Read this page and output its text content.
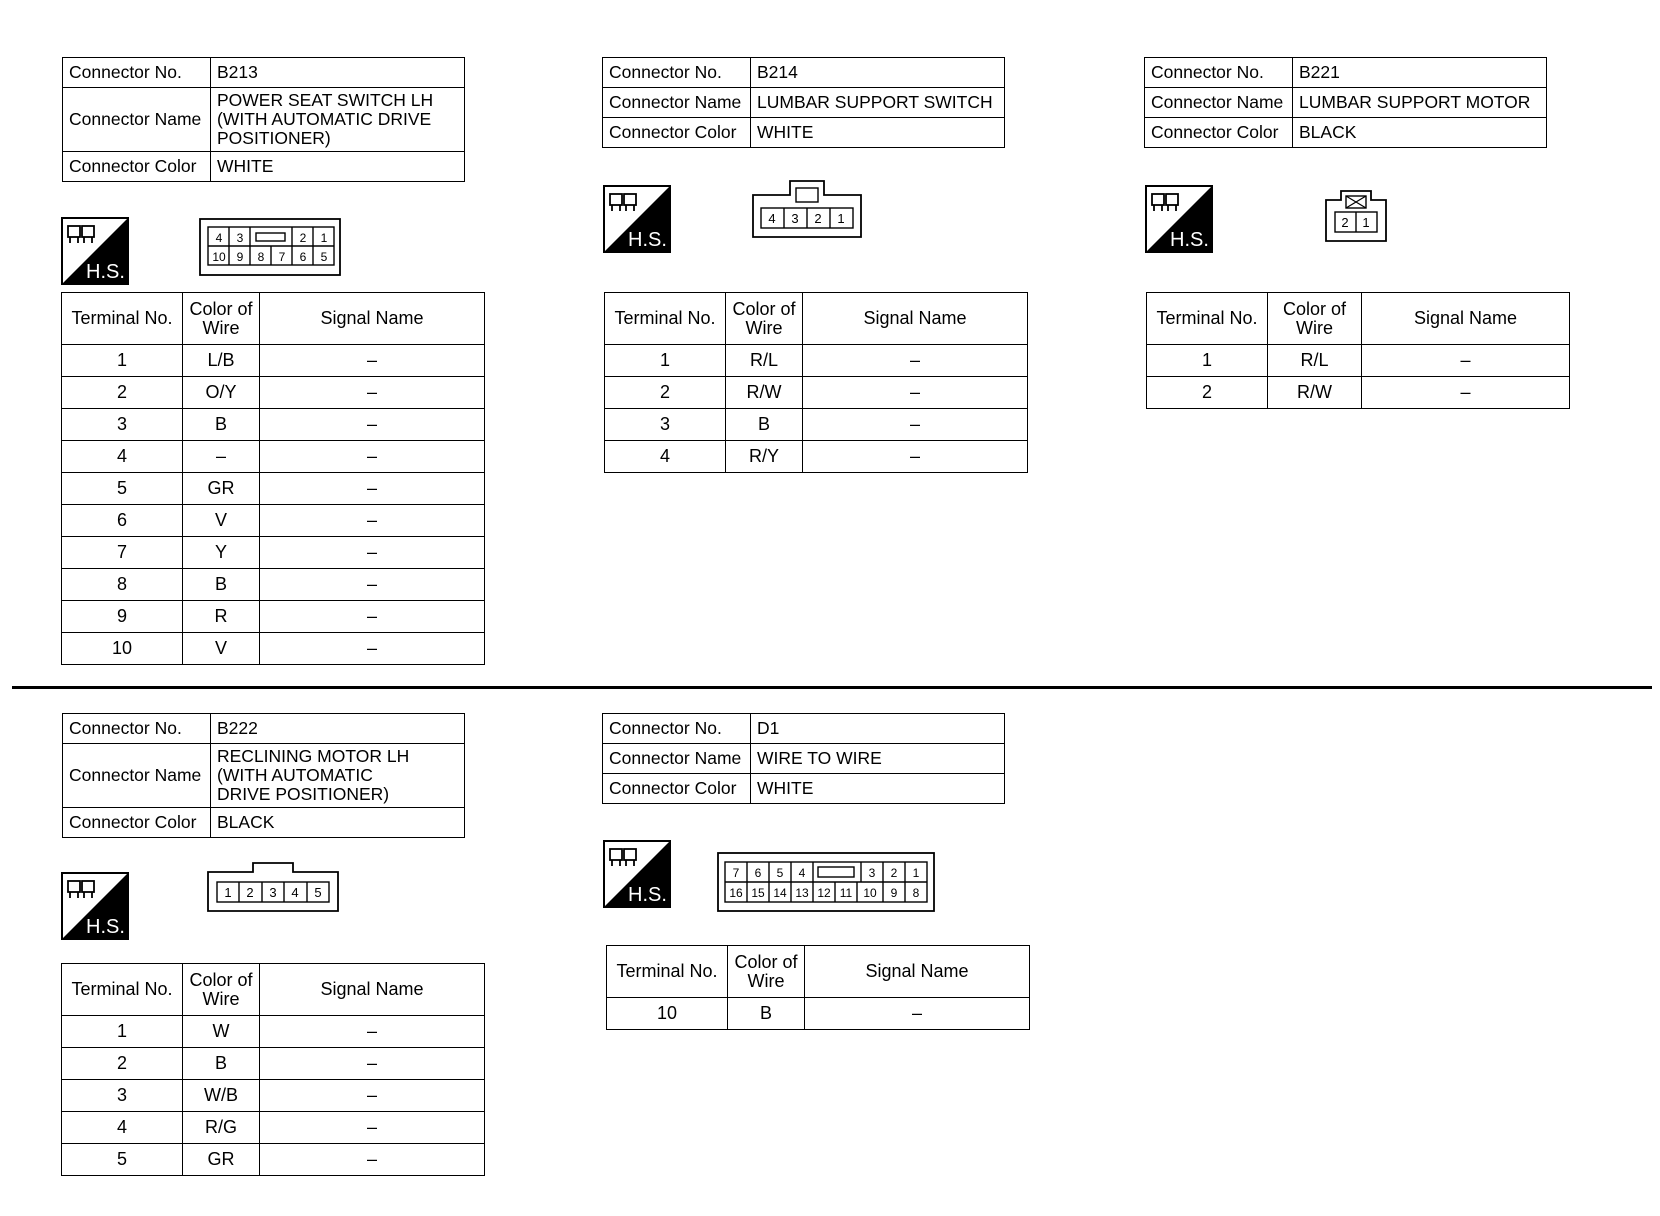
Connector No.	B213
Connector Name	POWER SEAT SWITCH LH
(WITH AUTOMATIC DRIVE
POSITIONER)

Connector Color	WHITE
H.S.
4 3	2 1
10 9 8 7 6 5
Terminal No.	Color of Wire	Signal Name
1	L/B	–
2	O/Y	–
3	B	–
4	–	–
5	GR	–
6	V	–
7	Y	–
8	B	–
9	R	–
10	V	–
Connector No.	B214
Connector Name	LUMBAR SUPPORT SWITCH
Connector Color	WHITE
H.S.
4 3 2 1
Terminal No.	Color of Wire	Signal Name
1	R/L	–
2	R/W	–
3	B	–
4	R/Y	–
Connector No.	B221
Connector Name	LUMBAR SUPPORT MOTOR
Connector Color	BLACK
H.S.
2 1
Terminal No.	Color of Wire	Signal Name
1	R/L	–
2	R/W	–
Connector No.	B222
Connector Name	RECLINING MOTOR LH
(WITH AUTOMATIC
DRIVE POSITIONER)

Connector Color	BLACK
H.S.
1 2 3 4 5
Terminal No.	Color of Wire	Signal Name
1	W	–
2	B	–
3	W/B	–
4	R/G	–
5	GR	–
Connector No.	D1
Connector Name	WIRE TO WIRE
Connector Color	WHITE
H.S.
7 6 5 4	3 2 1
16 15 14 13 12 11 10 9 8
Terminal No.	Color of Wire	Signal Name
10	B	–
